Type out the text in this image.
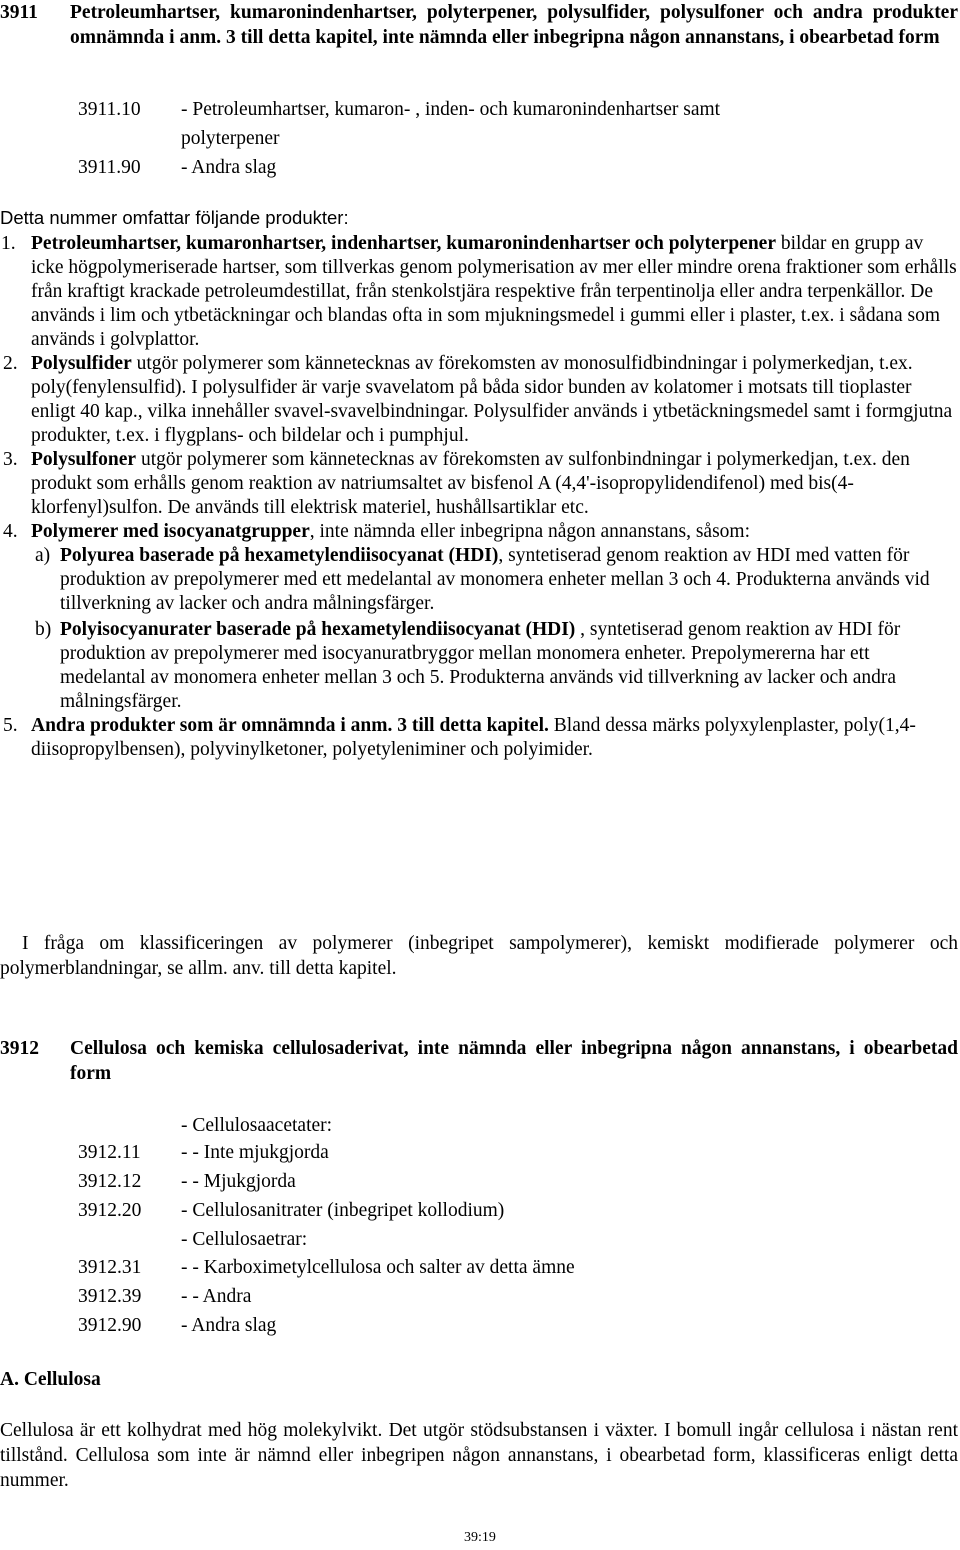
3911 Petroleumhartser, kumaronindenhartser, polyterpener, polysulfider, polysulfoner och andra produkter omnämnda i anm. 3 till detta kapitel, inte nämnda eller inbegripna någon annanstans, i obearbetad form
3911.10	- Petroleumhartser, kumaron- , inden- och kumaronindenhartser samt
polyterpener
3911.90	- Andra slag
Detta nummer omfattar följande produkter:

1. Petroleumhartser, kumaronhartser, indenhartser, kumaronindenhartser och polyterpener bildar en grupp av icke högpolymeriserade hartser, som tillverkas genom polymerisation av mer eller mindre orena fraktioner som erhålls från kraftigt krackade petroleumdestillat, från stenkolstjära respektive från terpentinolja eller andra terpenkällor. De används i lim och ytbetäckningar och blandas ofta in som mjukningsmedel i gummi eller i plaster, t.ex. i sådana som används i golvplattor.

2. Polysulfider utgör polymerer som kännetecknas av förekomsten av monosulfidbindningar i polymerkedjan, t.ex. poly(fenylensulfid). I polysulfider är varje svavelatom på båda sidor bunden av kolatomer i motsats till tioplaster enligt 40 kap., vilka innehåller svavel-svavelbindningar. Polysulfider används i ytbetäckningsmedel samt i formgjutna produkter, t.ex. i flygplans- och bildelar och i pumphjul.

3. Polysulfoner utgör polymerer som kännetecknas av förekomsten av sulfonbindningar i polymerkedjan, t.ex. den produkt som erhålls genom reaktion av natriumsaltet av bisfenol A (4,4'-isopropylidendifenol) med bis(4-klorfenyl)sulfon. De används till elektrisk materiel, hushållsartiklar etc.

4. Polymerer med isocyanatgrupper, inte nämnda eller inbegripna någon annanstans, såsom:

a) Polyurea baserade på hexametylendiisocyanat (HDI), syntetiserad genom reaktion av HDI med vatten för produktion av prepolymerer med ett medelantal av monomera enheter mellan 3 och 4. Produkterna används vid tillverkning av lacker och andra målningsfärger.
b) Polyisocyanurater baserade på hexametylendiisocyanat (HDI) , syntetiserad genom reaktion av HDI för produktion av prepolymerer med isocyanuratbryggor mellan monomera enheter. Prepolymererna har ett medelantal av monomera enheter mellan 3 och 5. Produkterna används vid tillverkning av lacker och andra målningsfärger.

5. Andra produkter som är omnämnda i anm. 3 till detta kapitel. Bland dessa märks polyxylenplaster, poly(1,4-diisopropylbensen), polyvinylketoner, polyetyleniminer och polyimider.

I fråga om klassificeringen av polymerer (inbegripet sampolymerer), kemiskt modifierade polymerer och polymerblandningar, se allm. anv. till detta kapitel.
3912 Cellulosa och kemiska cellulosaderivat, inte nämnda eller inbegripna någon annanstans, i obearbetad form
- Cellulosaacetater:
3912.11	- - Inte mjukgjorda
3912.12	- - Mjukgjorda
3912.20	- Cellulosanitrater (inbegripet kollodium)
- Cellulosaetrar:
3912.31	- - Karboximetylcellulosa och salter av detta ämne
3912.39	- - Andra
3912.90	- Andra slag
A. Cellulosa
Cellulosa är ett kolhydrat med hög molekylvikt. Det utgör stödsubstansen i växter. I bomull ingår cellulosa i nästan rent tillstånd. Cellulosa som inte är nämnd eller inbegripen någon annanstans, i obearbetad form, klassificeras enligt detta nummer.
39:19
